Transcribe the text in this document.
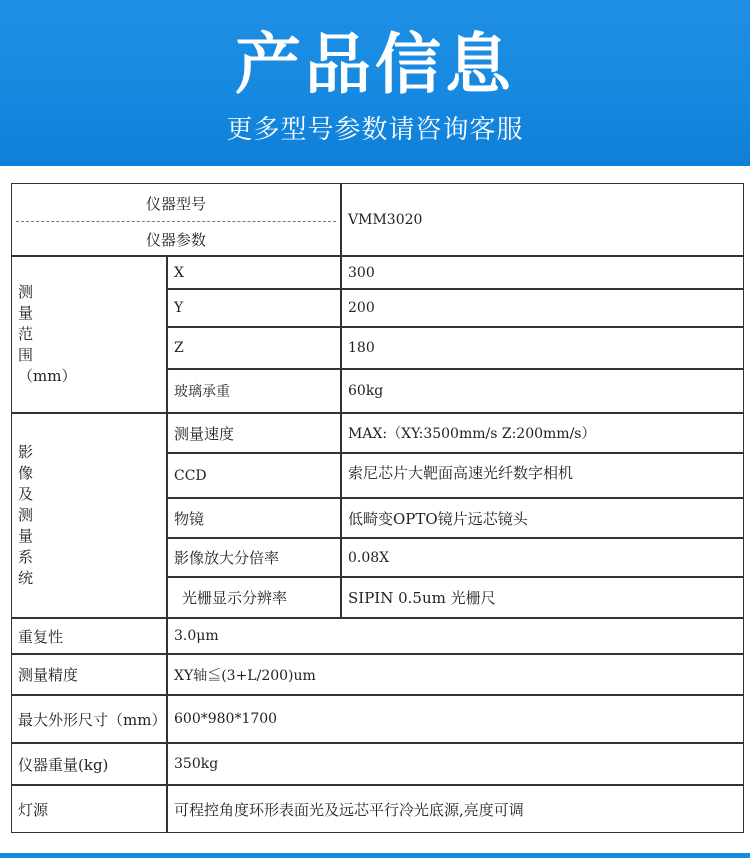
产品信息
更多型号参数请咨询客服
仪器型号
仪器参数
VMM3020
测
量
范
围
（mm）
X	300
Y	200
Z	180
玻璃承重	60kg
影
像
及
测
量
系
统
测量速度	MAX:（XY:3500mm/s Z:200mm/s）
CCD	索尼芯片大靶面高速光纤数字相机
物镜	低畸变OPTO镜片远芯镜头
影像放大分倍率	0.08X
光栅显示分辨率	SIPIN 0.5um 光栅尺
重复性	3.0μm
测量精度	XY轴≦(3+L/200)um
最大外形尺寸（mm） 600*980*1700
仪器重量(kg)	350kg
灯源	可程控角度环形表面光及远芯平行冷光底源,亮度可调
